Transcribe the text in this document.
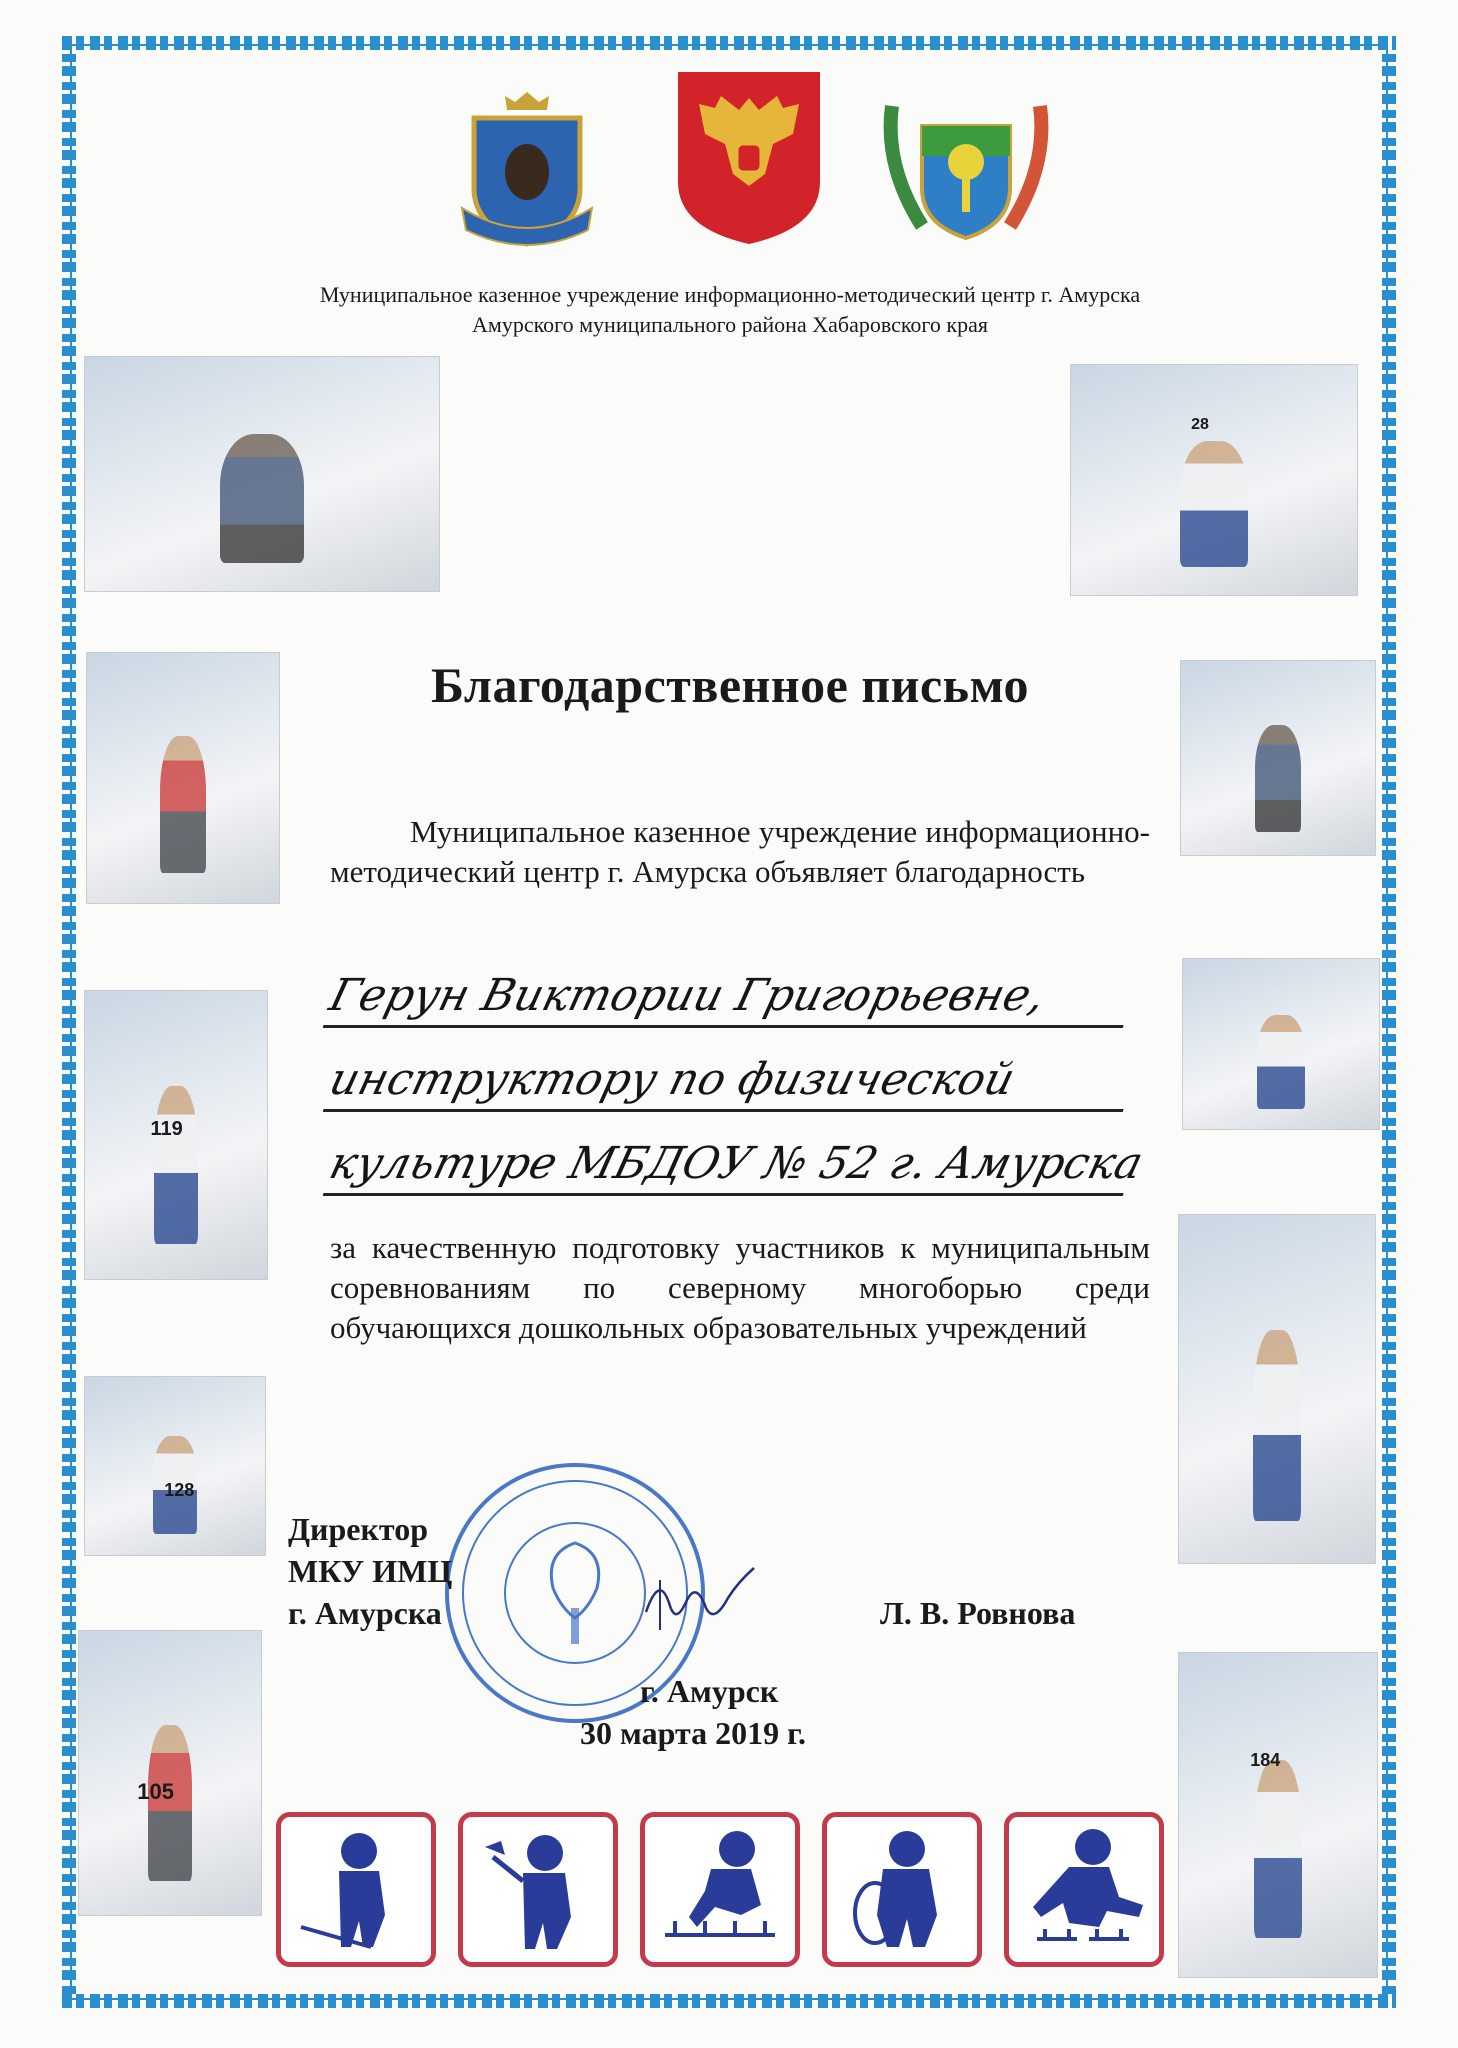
Муниципальное казенное учреждение информационно-методический центр г. Амурска
Амурского муниципального района Хабаровского края
119
128
105
28
184
Благодарственное письмо
Муниципальное казенное учреждение информационно-методический центр г. Амурска объявляет благодарность
Герун Виктории Григорьевне,
инструктору по физической
культуре МБДОУ № 52 г. Амурска
за качественную подготовку участников к муниципальным соревнованиям по северному многоборью среди обучающихся дошкольных образовательных учреждений
Директор
МКУ ИМЦ
г. Амурска	Л. В. Ровнова
г. Амурск
30 марта 2019 г.
